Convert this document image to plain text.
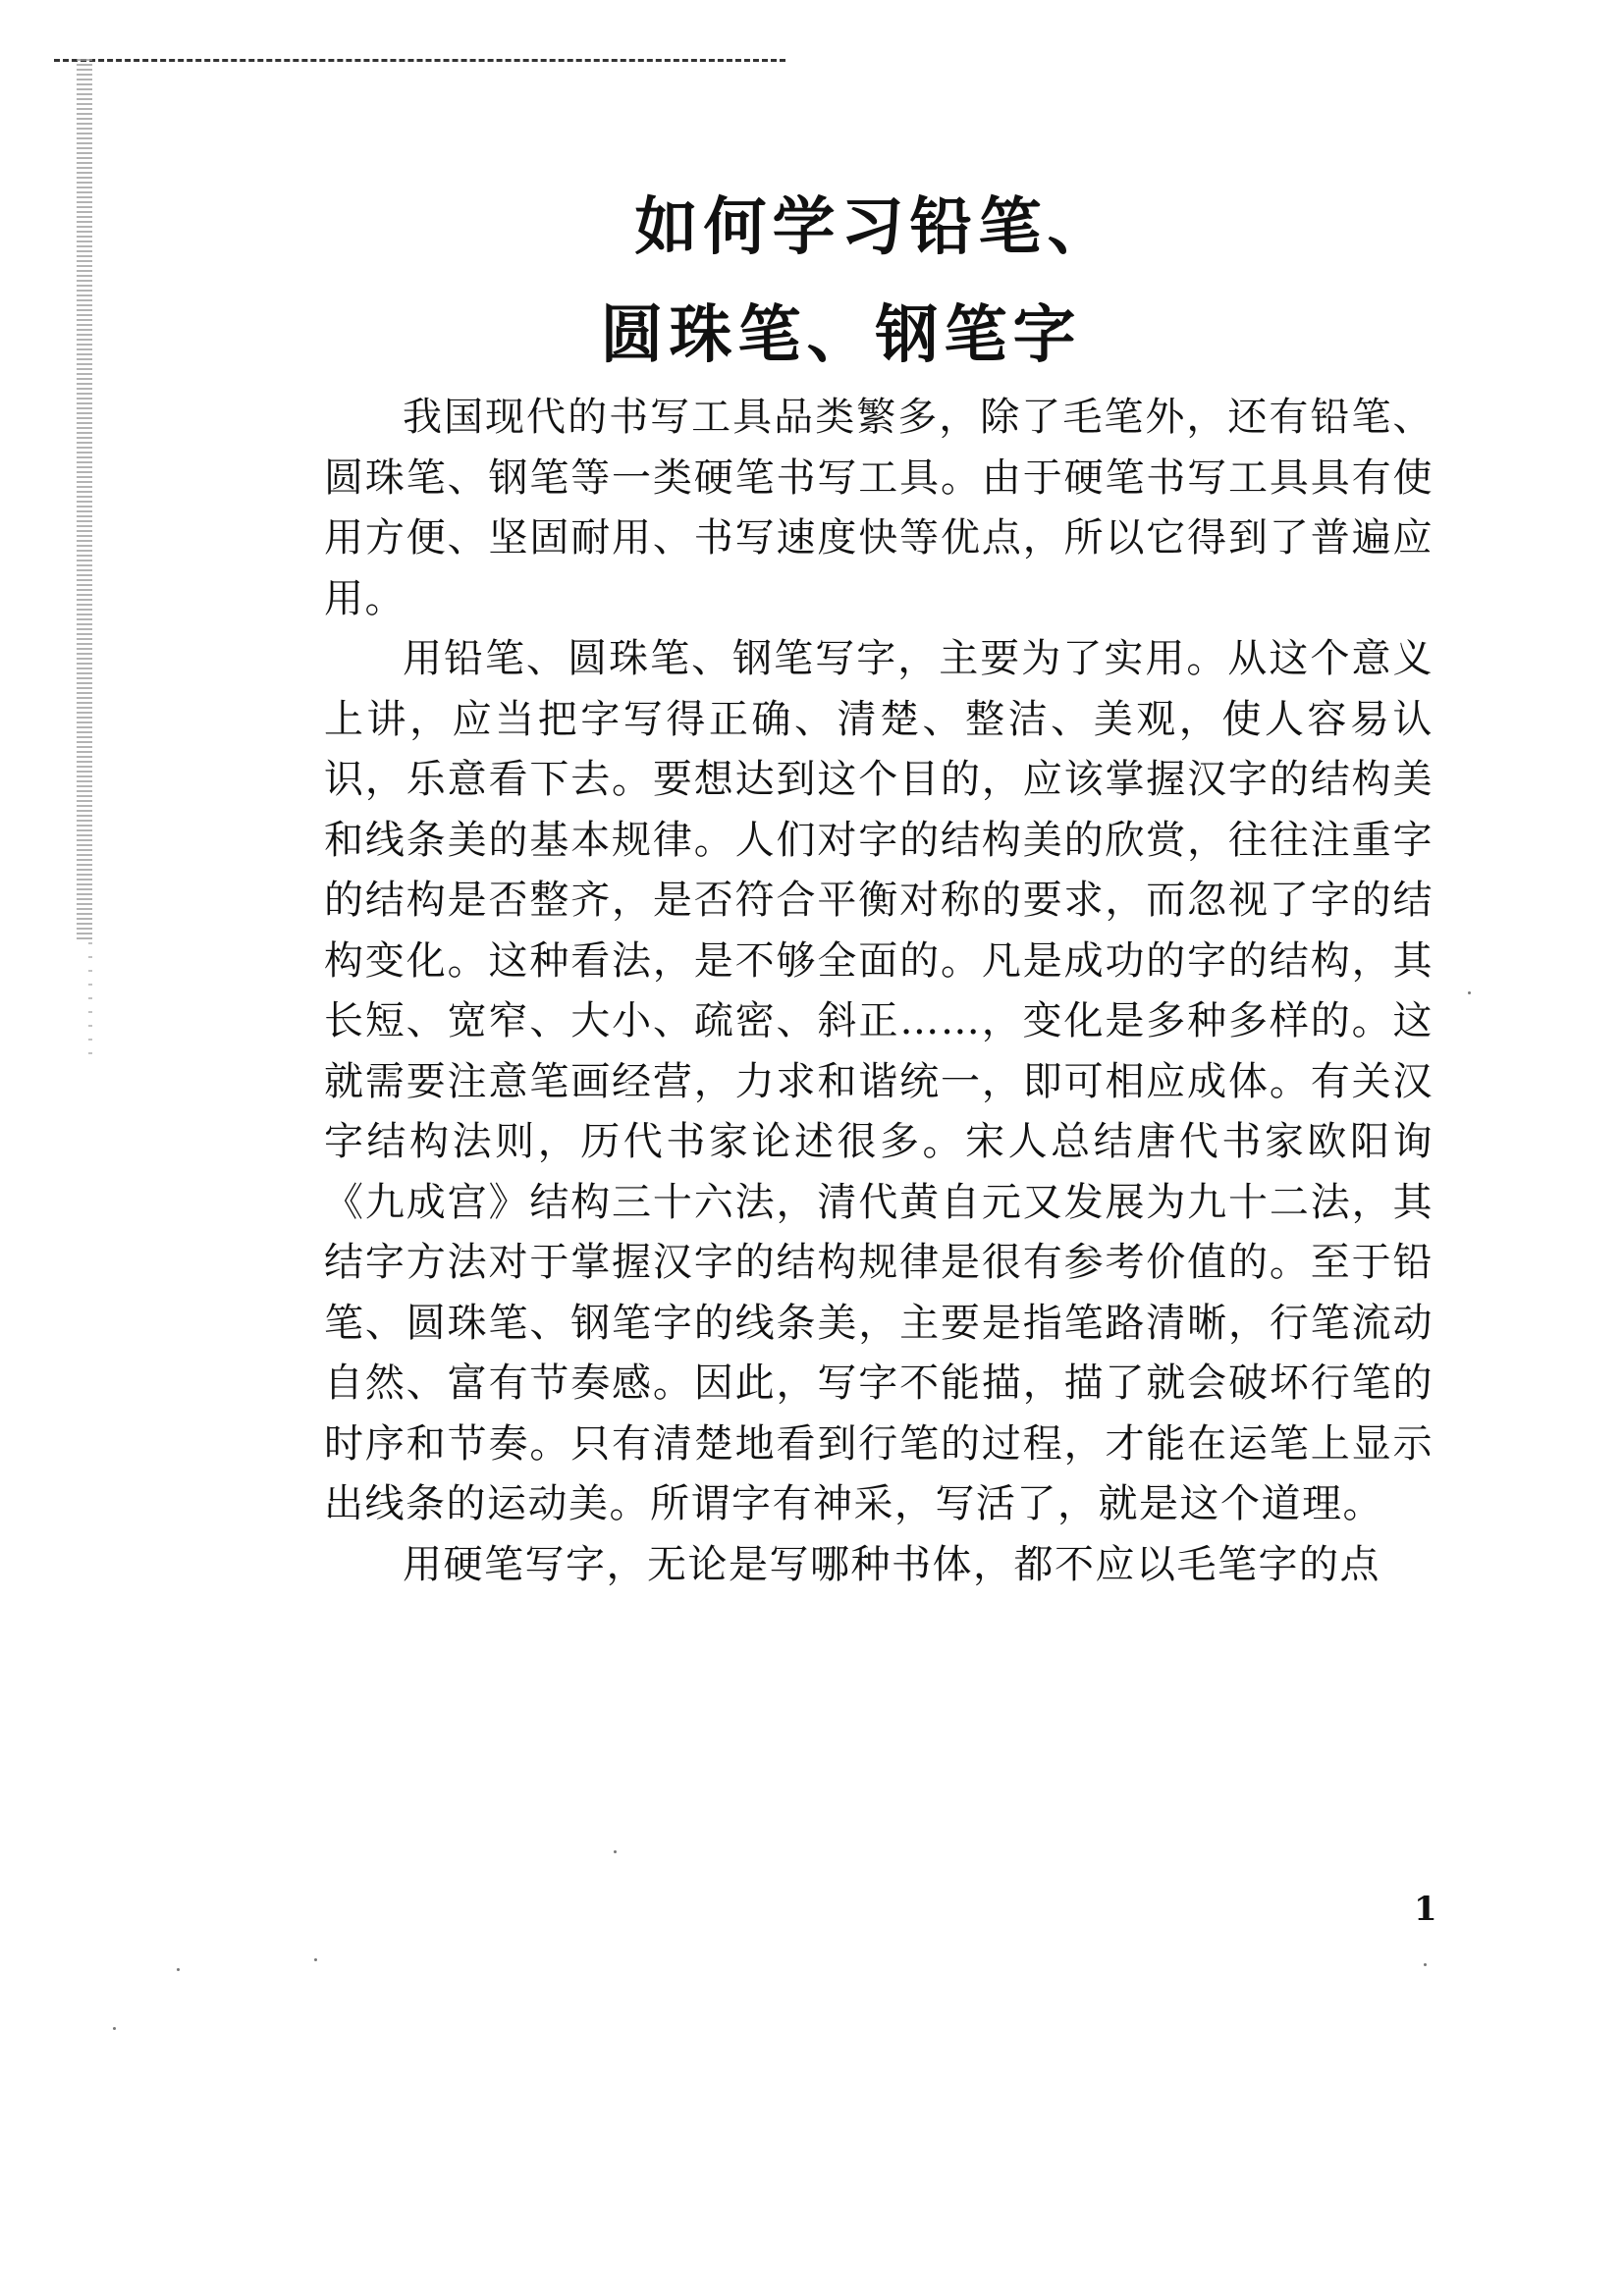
如何学习铅笔、
圆珠笔、钢笔字

我国现代的书写工具品类繁多，除了毛笔外，还有铅笔、圆珠笔、钢笔等一类硬笔书写工具。由于硬笔书写工具具有使用方便、坚固耐用、书写速度快等优点，所以它得到了普遍应用。

用铅笔、圆珠笔、钢笔写字，主要为了实用。从这个意义上讲，应当把字写得正确、清楚、整洁、美观，使人容易认识，乐意看下去。要想达到这个目的，应该掌握汉字的结构美和线条美的基本规律。人们对字的结构美的欣赏，往往注重字的结构是否整齐，是否符合平衡对称的要求，而忽视了字的结构变化。这种看法，是不够全面的。凡是成功的字的结构，其长短、宽窄、大小、疏密、斜正……，变化是多种多样的。这就需要注意笔画经营，力求和谐统一，即可相应成体。有关汉字结构法则，历代书家论述很多。宋人总结唐代书家欧阳询《九成宫》结构三十六法，清代黄自元又发展为九十二法，其结字方法对于掌握汉字的结构规律是很有参考价值的。至于铅笔、圆珠笔、钢笔字的线条美，主要是指笔路清晰，行笔流动自然、富有节奏感。因此，写字不能描，描了就会破坏行笔的时序和节奏。只有清楚地看到行笔的过程，才能在运笔上显示出线条的运动美。所谓字有神采，写活了，就是这个道理。

用硬笔写字，无论是写哪种书体，都不应以毛笔字的点

1
